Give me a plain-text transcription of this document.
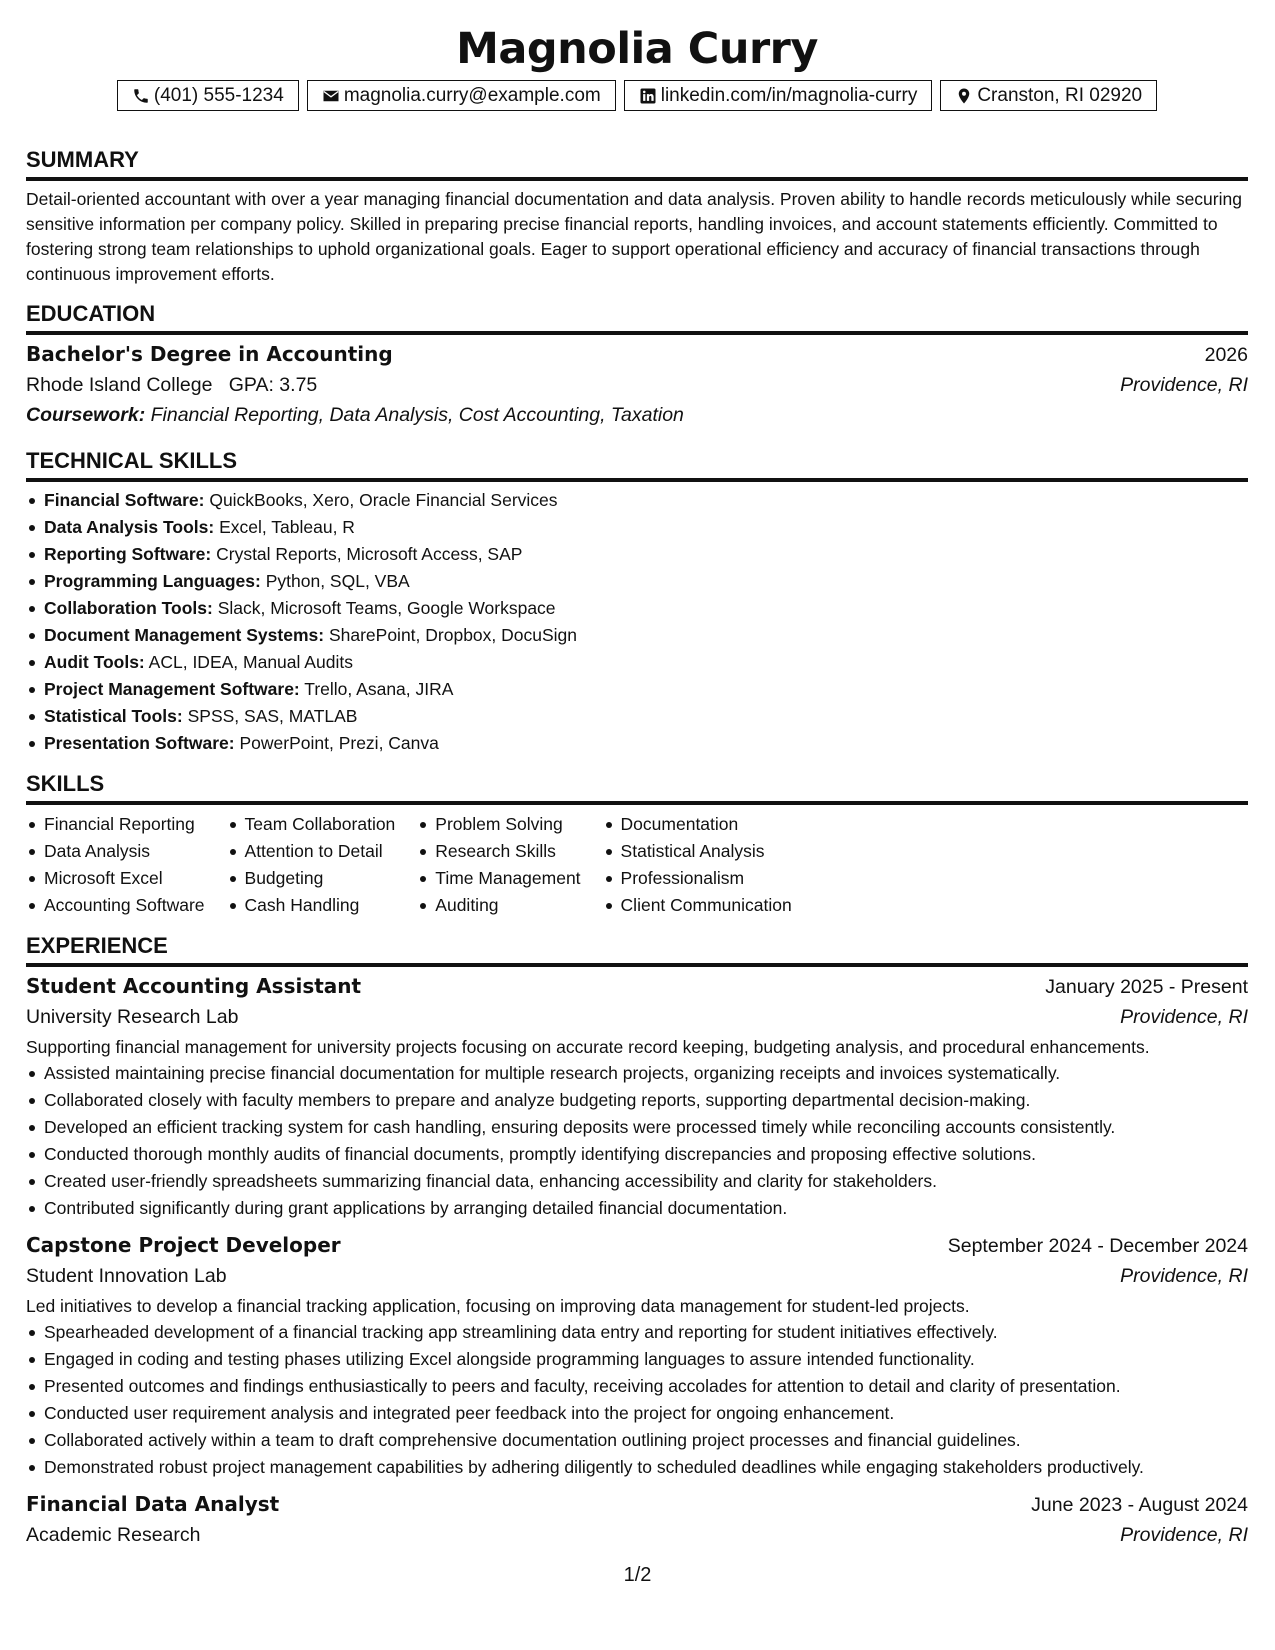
Magnolia Curry
(401) 555-1234	magnolia.curry@example.com	linkedin.com/in/magnolia-curry	Cranston, RI 02920
SUMMARY
Detail-oriented accountant with over a year managing financial documentation and data analysis. Proven ability to handle records meticulously while securing sensitive information per company policy. Skilled in preparing precise financial reports, handling invoices, and account statements efficiently. Committed to fostering strong team relationships to uphold organizational goals. Eager to support operational efficiency and accuracy of financial transactions through continuous improvement efforts.
EDUCATION
Bachelor's Degree in Accounting	2026
Rhode Island College GPA: 3.75	Providence, RI
Coursework: Financial Reporting, Data Analysis, Cost Accounting, Taxation
TECHNICAL SKILLS
Financial Software: QuickBooks, Xero, Oracle Financial Services
Data Analysis Tools: Excel, Tableau, R
Reporting Software: Crystal Reports, Microsoft Access, SAP
Programming Languages: Python, SQL, VBA
Collaboration Tools: Slack, Microsoft Teams, Google Workspace
Document Management Systems: SharePoint, Dropbox, DocuSign
Audit Tools: ACL, IDEA, Manual Audits
Project Management Software: Trello, Asana, JIRA
Statistical Tools: SPSS, SAS, MATLAB
Presentation Software: PowerPoint, Prezi, Canva
SKILLS
Financial Reporting
Data Analysis
Microsoft Excel
Accounting Software
Team Collaboration
Attention to Detail
Budgeting
Cash Handling
Problem Solving
Research Skills
Time Management
Auditing
Documentation
Statistical Analysis
Professionalism
Client Communication
EXPERIENCE
Student Accounting Assistant	January 2025 - Present
University Research Lab	Providence, RI
Supporting financial management for university projects focusing on accurate record keeping, budgeting analysis, and procedural enhancements.
Assisted maintaining precise financial documentation for multiple research projects, organizing receipts and invoices systematically.
Collaborated closely with faculty members to prepare and analyze budgeting reports, supporting departmental decision-making.
Developed an efficient tracking system for cash handling, ensuring deposits were processed timely while reconciling accounts consistently.
Conducted thorough monthly audits of financial documents, promptly identifying discrepancies and proposing effective solutions.
Created user-friendly spreadsheets summarizing financial data, enhancing accessibility and clarity for stakeholders.
Contributed significantly during grant applications by arranging detailed financial documentation.
Capstone Project Developer	September 2024 - December 2024
Student Innovation Lab	Providence, RI
Led initiatives to develop a financial tracking application, focusing on improving data management for student-led projects.
Spearheaded development of a financial tracking app streamlining data entry and reporting for student initiatives effectively.
Engaged in coding and testing phases utilizing Excel alongside programming languages to assure intended functionality.
Presented outcomes and findings enthusiastically to peers and faculty, receiving accolades for attention to detail and clarity of presentation.
Conducted user requirement analysis and integrated peer feedback into the project for ongoing enhancement.
Collaborated actively within a team to draft comprehensive documentation outlining project processes and financial guidelines.
Demonstrated robust project management capabilities by adhering diligently to scheduled deadlines while engaging stakeholders productively.
Financial Data Analyst	June 2023 - August 2024
Academic Research	Providence, RI
1/2
